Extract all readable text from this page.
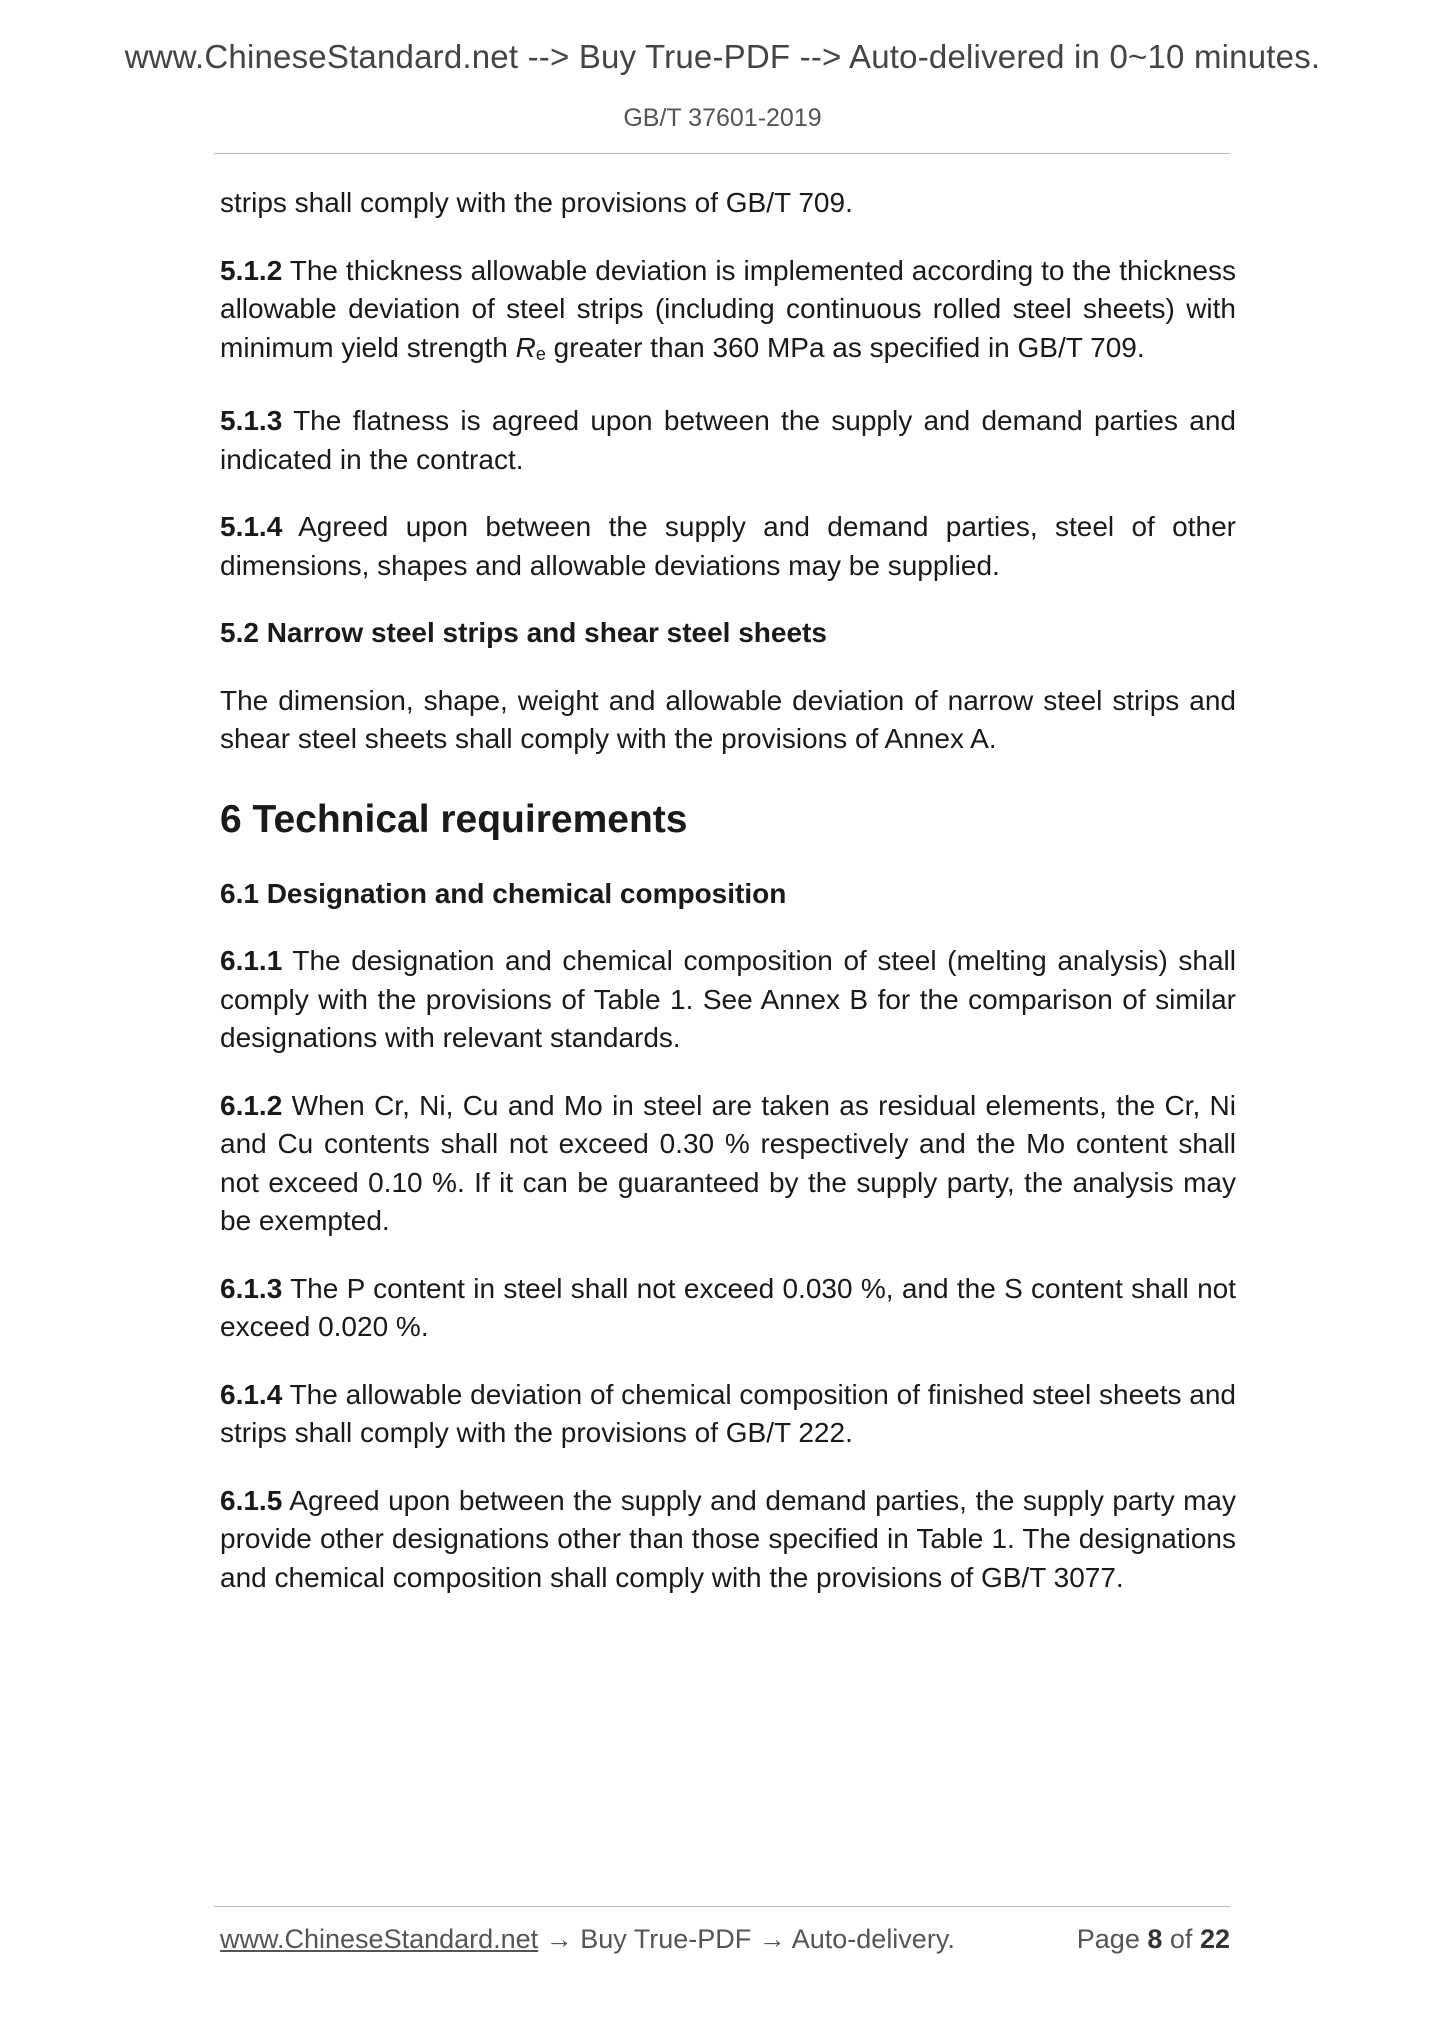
www.ChineseStandard.net --> Buy True-PDF --> Auto-delivered in 0~10 minutes.
GB/T 37601-2019

strips shall comply with the provisions of GB/T 709.

5.1.2 The thickness allowable deviation is implemented according to the thickness allowable deviation of steel strips (including continuous rolled steel sheets) with minimum yield strength Re greater than 360 MPa as specified in GB/T 709.

5.1.3 The flatness is agreed upon between the supply and demand parties and indicated in the contract.

5.1.4 Agreed upon between the supply and demand parties, steel of other dimensions, shapes and allowable deviations may be supplied.

5.2 Narrow steel strips and shear steel sheets

The dimension, shape, weight and allowable deviation of narrow steel strips and shear steel sheets shall comply with the provisions of Annex A.

6 Technical requirements
6.1 Designation and chemical composition

6.1.1 The designation and chemical composition of steel (melting analysis) shall comply with the provisions of Table 1. See Annex B for the comparison of similar designations with relevant standards.

6.1.2 When Cr, Ni, Cu and Mo in steel are taken as residual elements, the Cr, Ni and Cu contents shall not exceed 0.30 % respectively and the Mo content shall not exceed 0.10 %. If it can be guaranteed by the supply party, the analysis may be exempted.

6.1.3 The P content in steel shall not exceed 0.030 %, and the S content shall not exceed 0.020 %.

6.1.4 The allowable deviation of chemical composition of finished steel sheets and strips shall comply with the provisions of GB/T 222.

6.1.5 Agreed upon between the supply and demand parties, the supply party may provide other designations other than those specified in Table 1. The designations and chemical composition shall comply with the provisions of GB/T 3077.

www.ChineseStandard.net → Buy True-PDF → Auto-delivery.	Page 8 of 22
